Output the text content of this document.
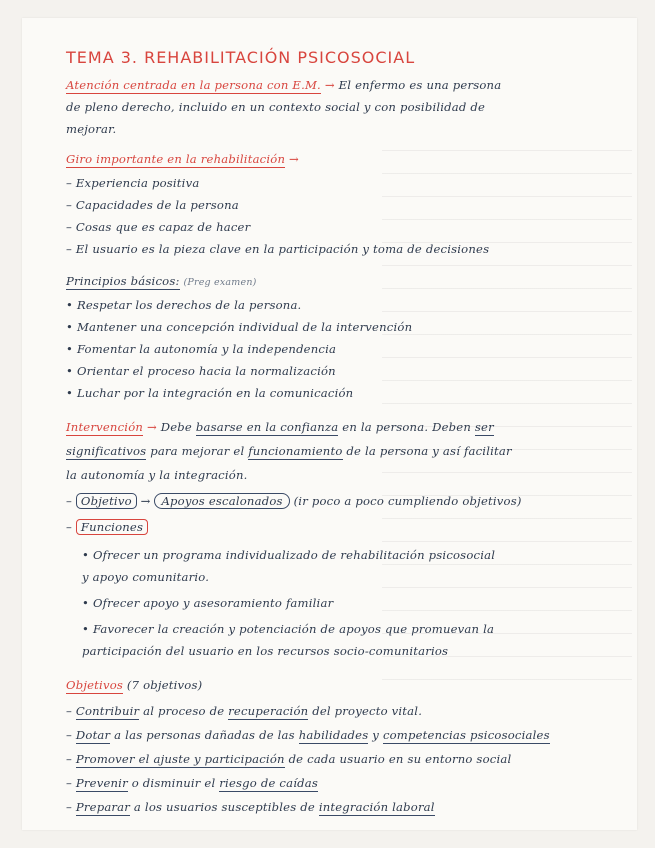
TEMA 3. REHABILITACIÓN PSICOSOCIAL
Atención centrada en la persona con E.M. → El enfermo es una persona
de pleno derecho, incluido en un contexto social y con posibilidad de
mejorar.
Giro importante en la rehabilitación →
– Experiencia positiva
– Capacidades de la persona
– Cosas que es capaz de hacer
– El usuario es la pieza clave en la participación y toma de decisiones
Principios básicos: (Preg examen)
• Respetar los derechos de la persona.
• Mantener una concepción individual de la intervención
• Fomentar la autonomía y la independencia
• Orientar el proceso hacia la normalización
• Luchar por la integración en la comunicación
Intervención → Debe basarse en la confianza en la persona. Deben ser
significativos para mejorar el funcionamiento de la persona y así facilitar
la autonomía y la integración.
– Objetivo → Apoyos escalonados (ir poco a poco cumpliendo objetivos)
– Funciones
• Ofrecer un programa individualizado de rehabilitación psicosocial
y apoyo comunitario.
• Ofrecer apoyo y asesoramiento familiar
• Favorecer la creación y potenciación de apoyos que promuevan la
participación del usuario en los recursos socio-comunitarios
Objetivos (7 objetivos)
– Contribuir al proceso de recuperación del proyecto vital.
– Dotar a las personas dañadas de las habilidades y competencias psicosociales
– Promover el ajuste y participación de cada usuario en su entorno social
– Prevenir o disminuir el riesgo de caídas
– Preparar a los usuarios susceptibles de integración laboral
